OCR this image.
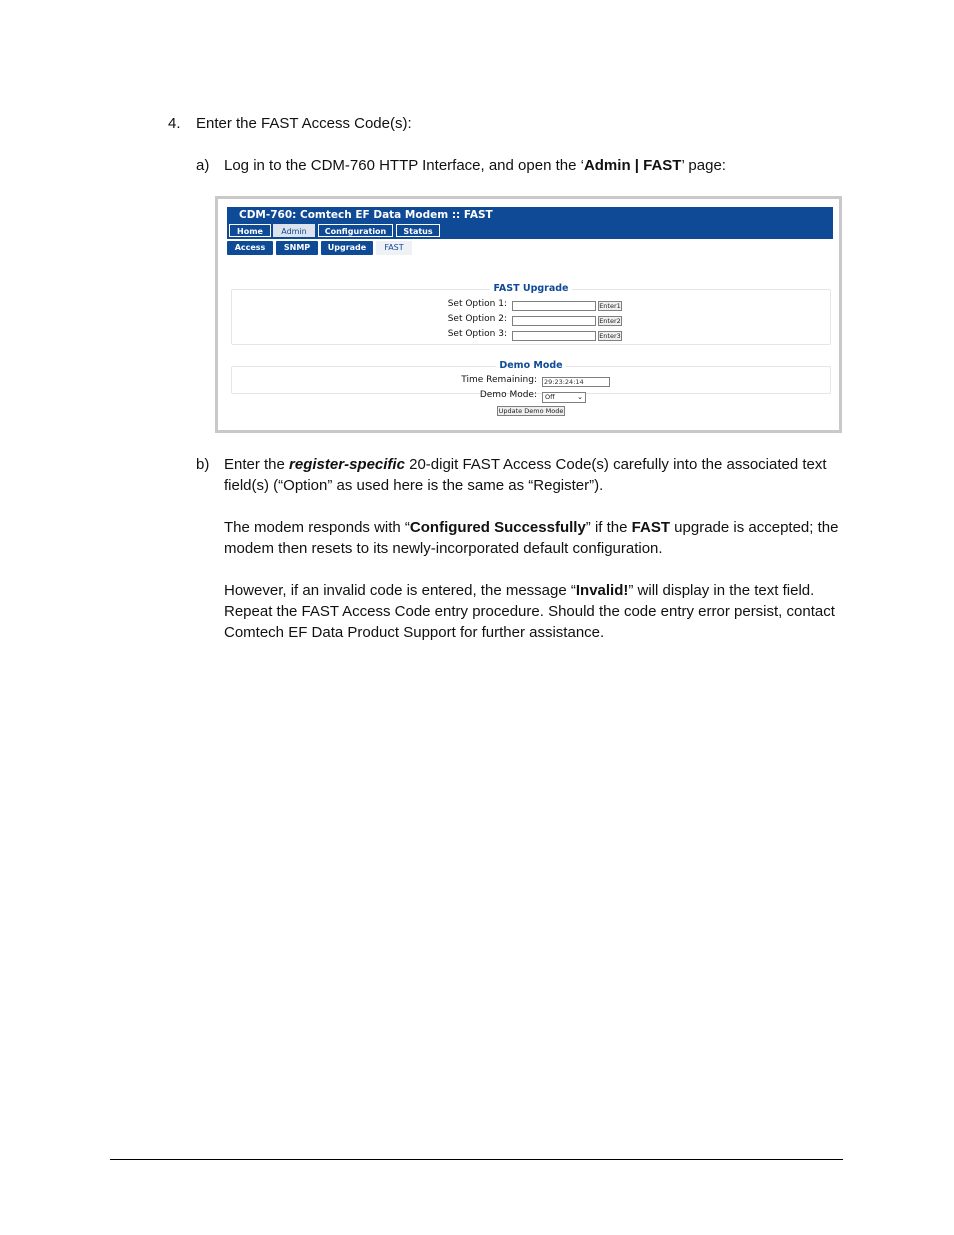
4. Enter the FAST Access Code(s):
a) Log in to the CDM-760 HTTP Interface, and open the ‘Admin | FAST’ page:
CDM-760: Comtech EF Data Modem :: FAST
Home	Admin	Configuration	Status
Access	SNMP	Upgrade	FAST
FAST Upgrade
Set Option 1:	Enter1
Set Option 2:	Enter2
Set Option 3:	Enter3
Demo Mode
Time Remaining:	29:23:24:14
Demo Mode:	Off	⌄
Update Demo Mode
b) Enter the register-specific 20-digit FAST Access Code(s) carefully into the associated text field(s) (“Option” as used here is the same as “Register”).
The modem responds with “Configured Successfully” if the FAST upgrade is accepted; the modem then resets to its newly-incorporated default configuration.
However, if an invalid code is entered, the message “Invalid!” will display in the text field. Repeat the FAST Access Code entry procedure. Should the code entry error persist, contact Comtech EF Data Product Support for further assistance.
